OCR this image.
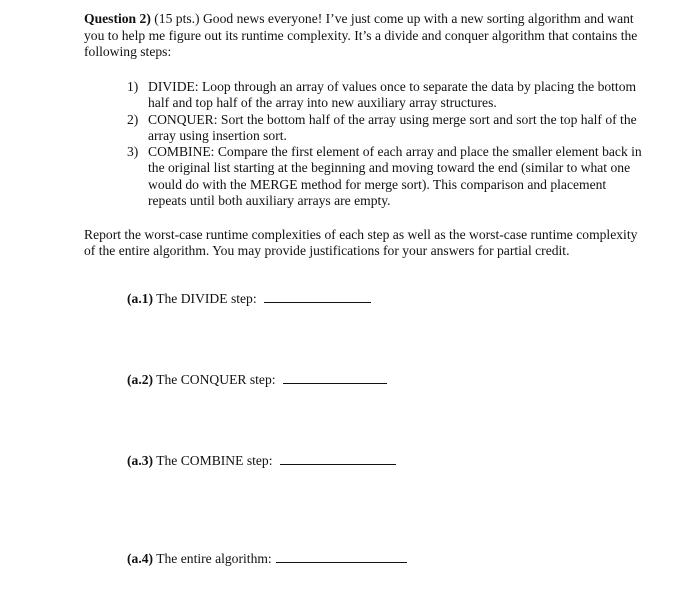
Question 2) (15 pts.) Good news everyone! I’ve just come up with a new sorting algorithm and want you to help me figure out its runtime complexity. It’s a divide and conquer algorithm that contains the following steps:

1) DIVIDE: Loop through an array of values once to separate the data by placing the bottom half and top half of the array into new auxiliary array structures.
2) CONQUER: Sort the bottom half of the array using merge sort and sort the top half of the array using insertion sort.
3) COMBINE: Compare the first element of each array and place the smaller element back in the original list starting at the beginning and moving toward the end (similar to what one would do with the MERGE method for merge sort). This comparison and placement repeats until both auxiliary arrays are empty.

Report the worst-case runtime complexities of each step as well as the worst-case runtime complexity of the entire algorithm. You may provide justifications for your answers for partial credit.

(a.1) The DIVIDE step:
(a.2) The CONQUER step:
(a.3) The COMBINE step:
(a.4) The entire algorithm:
